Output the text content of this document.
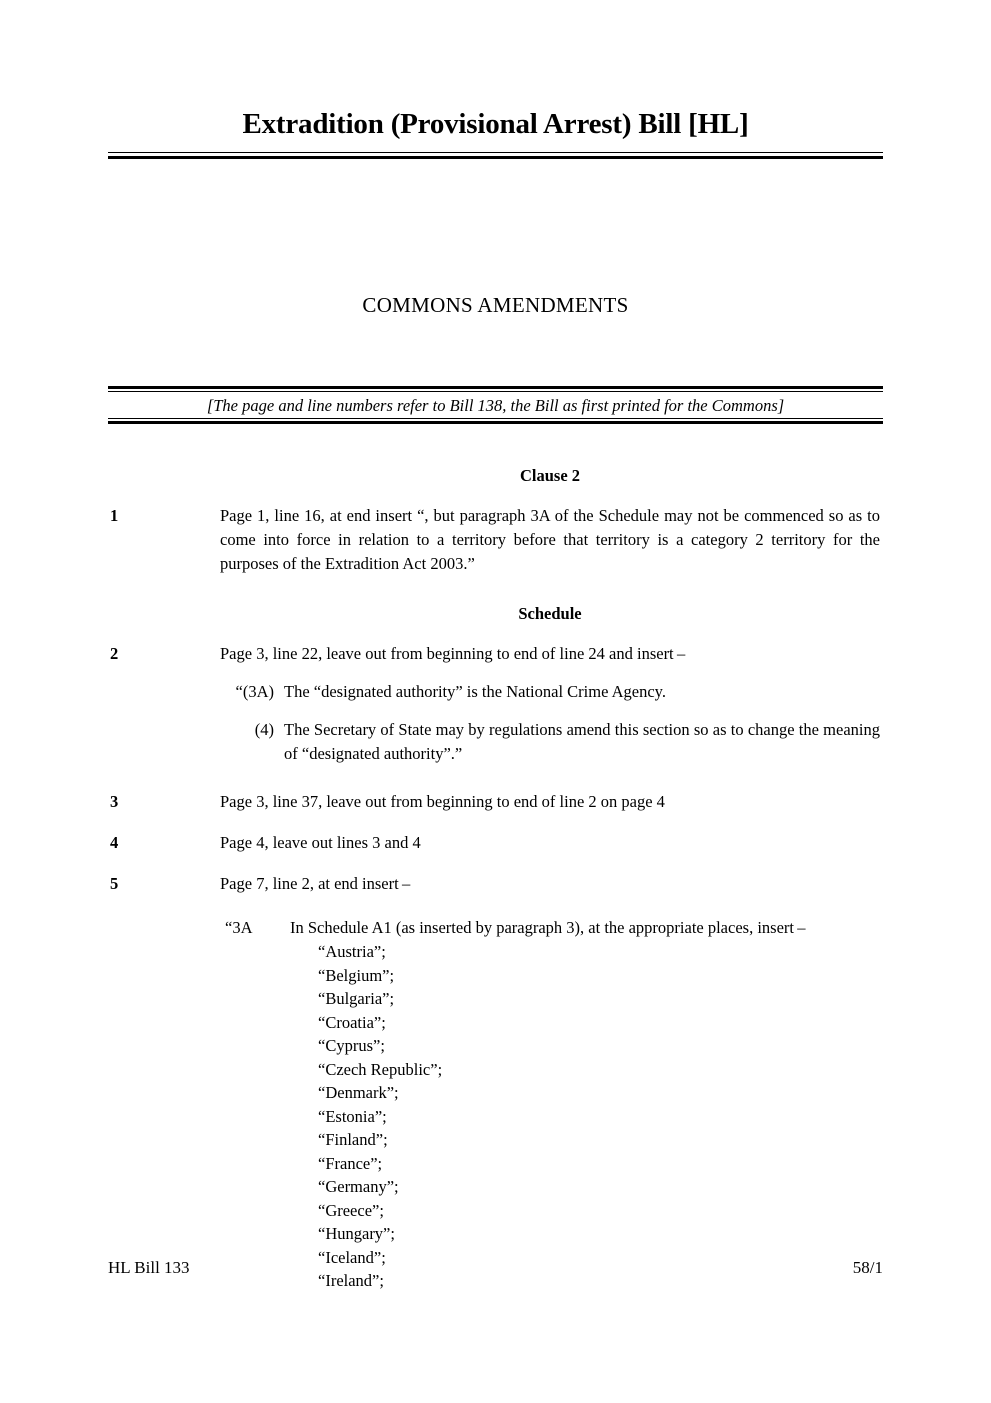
Extradition (Provisional Arrest) Bill [HL]
COMMONS AMENDMENTS
[The page and line numbers refer to Bill 138, the Bill as first printed for the Commons]
Clause 2
1	Page 1, line 16, at end insert “, but paragraph 3A of the Schedule may not be commenced so as to come into force in relation to a territory before that territory is a category 2 territory for the purposes of the Extradition Act 2003.”
Schedule
2	Page 3, line 22, leave out from beginning to end of line 24 and insert –
“(3A) The “designated authority” is the National Crime Agency.
(4) The Secretary of State may by regulations amend this section so as to change the meaning of “designated authority”.”
3	Page 3, line 37, leave out from beginning to end of line 2 on page 4
4	Page 4, leave out lines 3 and 4
5	Page 7, line 2, at end insert –
“3A In Schedule A1 (as inserted by paragraph 3), at the appropriate places, insert –
“Austria”;
“Belgium”;
“Bulgaria”;
“Croatia”;
“Cyprus”;
“Czech Republic”;
“Denmark”;
“Estonia”;
“Finland”;
“France”;
“Germany”;
“Greece”;
“Hungary”;
“Iceland”;
“Ireland”;
HL Bill 133	58/1
